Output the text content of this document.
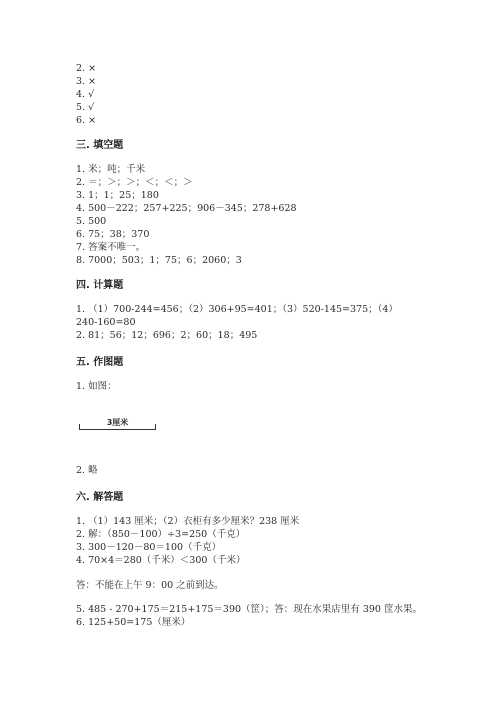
2. ×
3. ×
4. √
5. √
6. ×
三. 填空题
1. 米；吨；千米
2. ＝；＞；＞；＜；＜；＞
3. 1；1；25；180
4. 500－222；257+225；906－345；278+628
5. 500
6. 75；38；370
7. 答案不唯一。
8. 7000；503；1；75；6；2060；3
四. 计算题
1. （1）700-244=456；（2）306+95=401；（3）520-145=375；（4）240-160=80
2. 81；56；12；696；2；60；18；495
五. 作图题
1. 如图：
3厘米
2. 略
六. 解答题
1. （1）143 厘米；（2）衣柜有多少厘米？238 厘米
2. 解：（850－100）÷3=250（千克）
3. 300－120－80＝100（千克）
4. 70×4＝280（千米）＜300（千米）
答：不能在上午 9：00 之前到达。
5. 485 - 270+175＝215+175＝390（筐）；答：现在水果店里有 390 筐水果。
6. 125+50=175（厘米）
